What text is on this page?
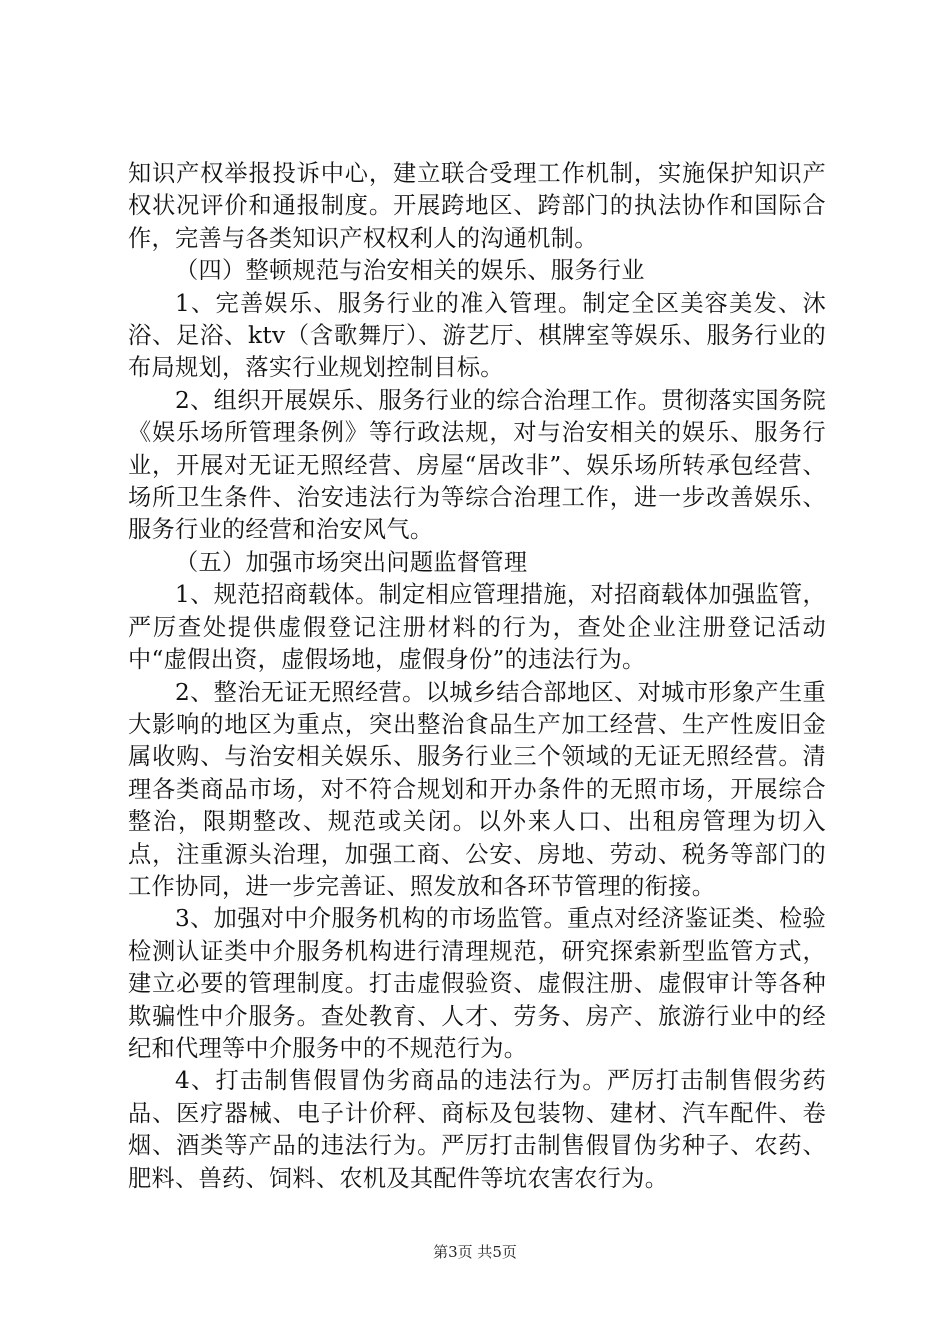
知识产权举报投诉中心，建立联合受理工作机制，实施保护知识产权状况评价和通报制度。开展跨地区、跨部门的执法协作和国际合作，完善与各类知识产权权利人的沟通机制。

（四）整顿规范与治安相关的娱乐、服务行业

1、完善娱乐、服务行业的准入管理。制定全区美容美发、沐浴、足浴、ktv（含歌舞厅）、游艺厅、棋牌室等娱乐、服务行业的布局规划，落实行业规划控制目标。

2、组织开展娱乐、服务行业的综合治理工作。贯彻落实国务院《娱乐场所管理条例》等行政法规，对与治安相关的娱乐、服务行业，开展对无证无照经营、房屋“居改非”、娱乐场所转承包经营、场所卫生条件、治安违法行为等综合治理工作，进一步改善娱乐、服务行业的经营和治安风气。

（五）加强市场突出问题监督管理

1、规范招商载体。制定相应管理措施，对招商载体加强监管，严厉查处提供虚假登记注册材料的行为，查处企业注册登记活动中“虚假出资，虚假场地，虚假身份”的违法行为。

2、整治无证无照经营。以城乡结合部地区、对城市形象产生重大影响的地区为重点，突出整治食品生产加工经营、生产性废旧金属收购、与治安相关娱乐、服务行业三个领域的无证无照经营。清理各类商品市场，对不符合规划和开办条件的无照市场，开展综合整治，限期整改、规范或关闭。以外来人口、出租房管理为切入点，注重源头治理，加强工商、公安、房地、劳动、税务等部门的工作协同，进一步完善证、照发放和各环节管理的衔接。

3、加强对中介服务机构的市场监管。重点对经济鉴证类、检验检测认证类中介服务机构进行清理规范，研究探索新型监管方式，建立必要的管理制度。打击虚假验资、虚假注册、虚假审计等各种欺骗性中介服务。查处教育、人才、劳务、房产、旅游行业中的经纪和代理等中介服务中的不规范行为。

4、打击制售假冒伪劣商品的违法行为。严厉打击制售假劣药品、医疗器械、电子计价秤、商标及包装物、建材、汽车配件、卷烟、酒类等产品的违法行为。严厉打击制售假冒伪劣种子、农药、肥料、兽药、饲料、农机及其配件等坑农害农行为。

第3页 共5页
